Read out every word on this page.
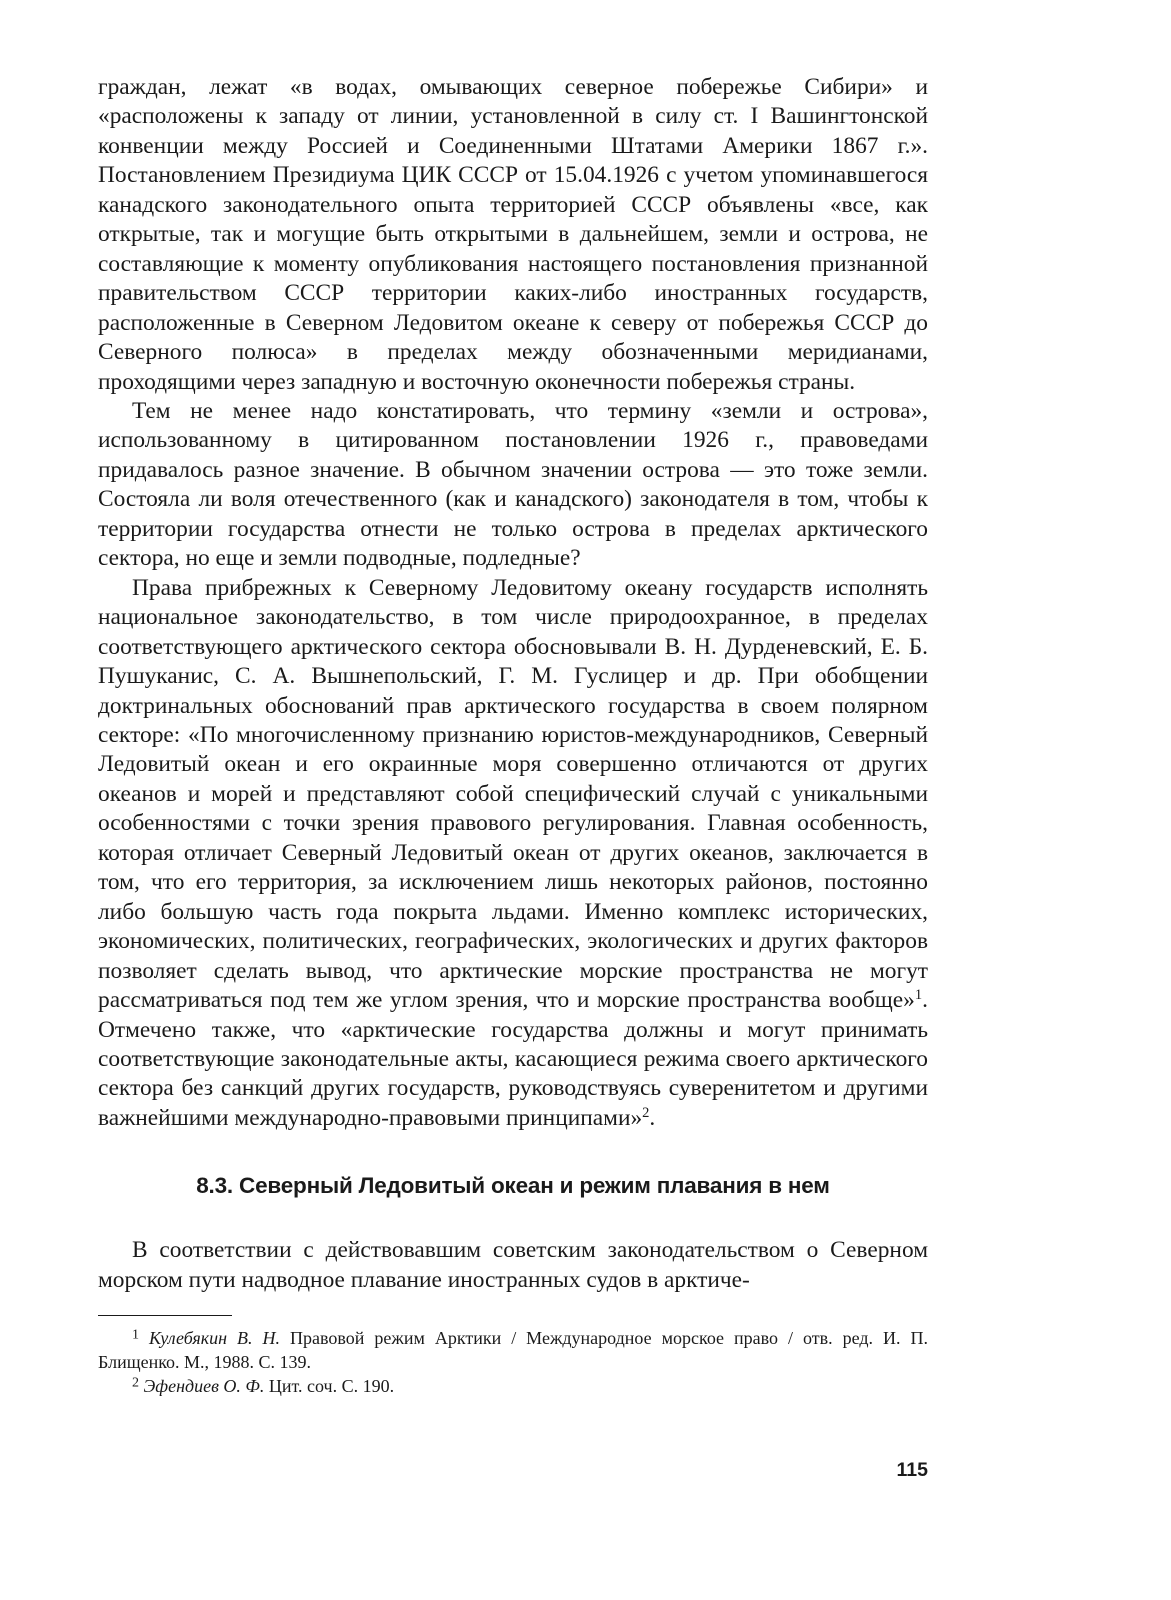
граждан, лежат «в водах, омывающих северное побережье Сибири» и «расположены к западу от линии, установленной в силу ст. I Вашингтонской конвенции между Россией и Соединенными Штатами Америки 1867 г.». Постановлением Президиума ЦИК СССР от 15.04.1926 с учетом упоминавшегося канадского законодательного опыта территорией СССР объявлены «все, как открытые, так и могущие быть открытыми в дальнейшем, земли и острова, не составляющие к моменту опубликования настоящего постановления признанной правительством СССР территории каких-либо иностранных государств, расположенные в Северном Ледовитом океане к северу от побережья СССР до Северного полюса» в пределах между обозначенными меридианами, проходящими через западную и восточную оконечности побережья страны.

Тем не менее надо констатировать, что термину «земли и острова», использованному в цитированном постановлении 1926 г., правоведами придавалось разное значение. В обычном значении острова — это тоже земли. Состояла ли воля отечественного (как и канадского) законодателя в том, чтобы к территории государства отнести не только острова в пределах арктического сектора, но еще и земли подводные, подледные?

Права прибрежных к Северному Ледовитому океану государств исполнять национальное законодательство, в том числе природоохранное, в пределах соответствующего арктического сектора обосновывали В. Н. Дурденевский, Е. Б. Пушуканис, С. А. Вышнепольский, Г. М. Гуслицер и др. При обобщении доктринальных обоснований прав арктического государства в своем полярном секторе: «По многочисленному признанию юристов-международников, Северный Ледовитый океан и его окраинные моря совершенно отличаются от других океанов и морей и представляют собой специфический случай с уникальными особенностями с точки зрения правового регулирования. Главная особенность, которая отличает Северный Ледовитый океан от других океанов, заключается в том, что его территория, за исключением лишь некоторых районов, постоянно либо большую часть года покрыта льдами. Именно комплекс исторических, экономических, политических, географических, экологических и других факторов позволяет сделать вывод, что арктические морские пространства не могут рассматриваться под тем же углом зрения, что и морские пространства вообще»$^1$. Отмечено также, что «арктические государства должны и могут принимать соответствующие законодательные акты, касающиеся режима своего арктического сектора без санкций других государств, руководствуясь суверенитетом и другими важнейшими международно-правовыми принципами»$^2$.

8.3. Северный Ледовитый океан и режим плавания в нем

В соответствии с действовавшим советским законодательством о Северном морском пути надводное плавание иностранных судов в арктиче-

$^1$ Кулебякин В. Н. Правовой режим Арктики / Международное морское право / отв. ред. И. П. Блищенко. М., 1988. С. 139.

$^2$ Эфендиев О. Ф. Цит. соч. С. 190.

115
